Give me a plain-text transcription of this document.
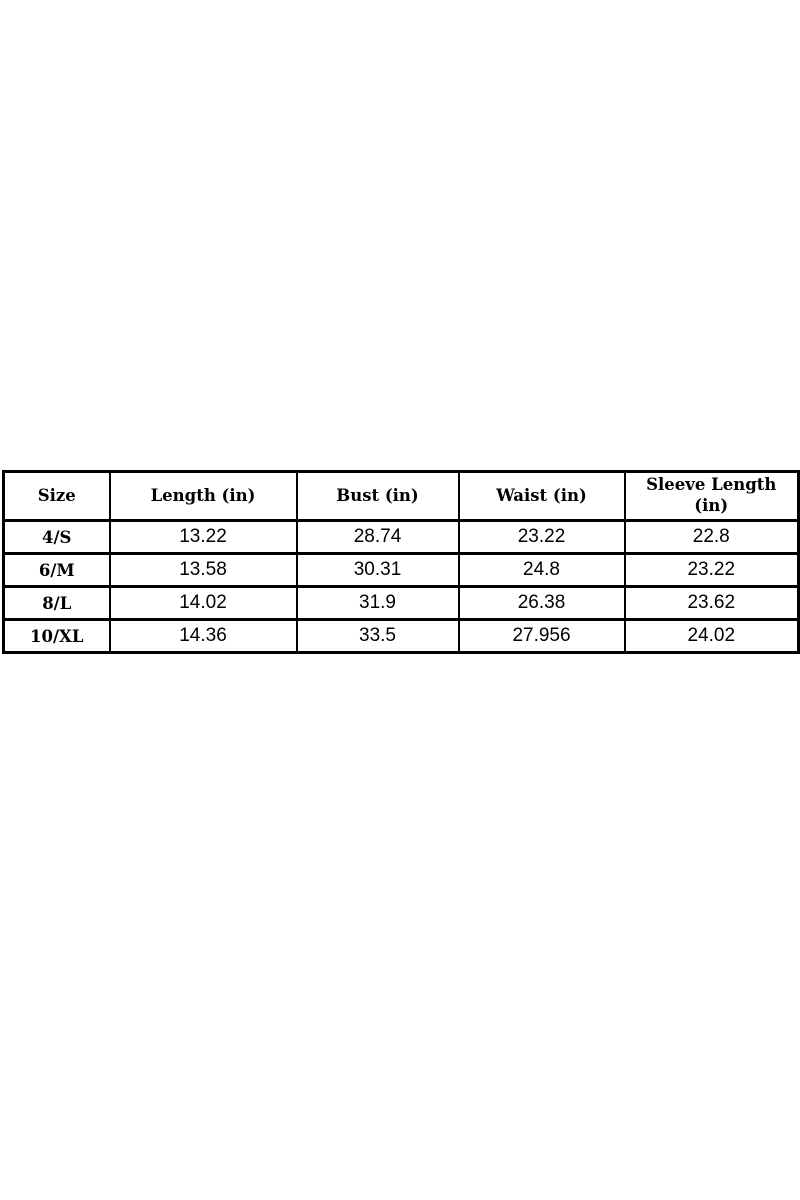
Size	Length (in)	Bust (in)	Waist (in)	Sleeve Length (in)
4/S	13.22	28.74	23.22	22.8
6/M	13.58	30.31	24.8	23.22
8/L	14.02	31.9	26.38	23.62
10/XL	14.36	33.5	27.956	24.02
